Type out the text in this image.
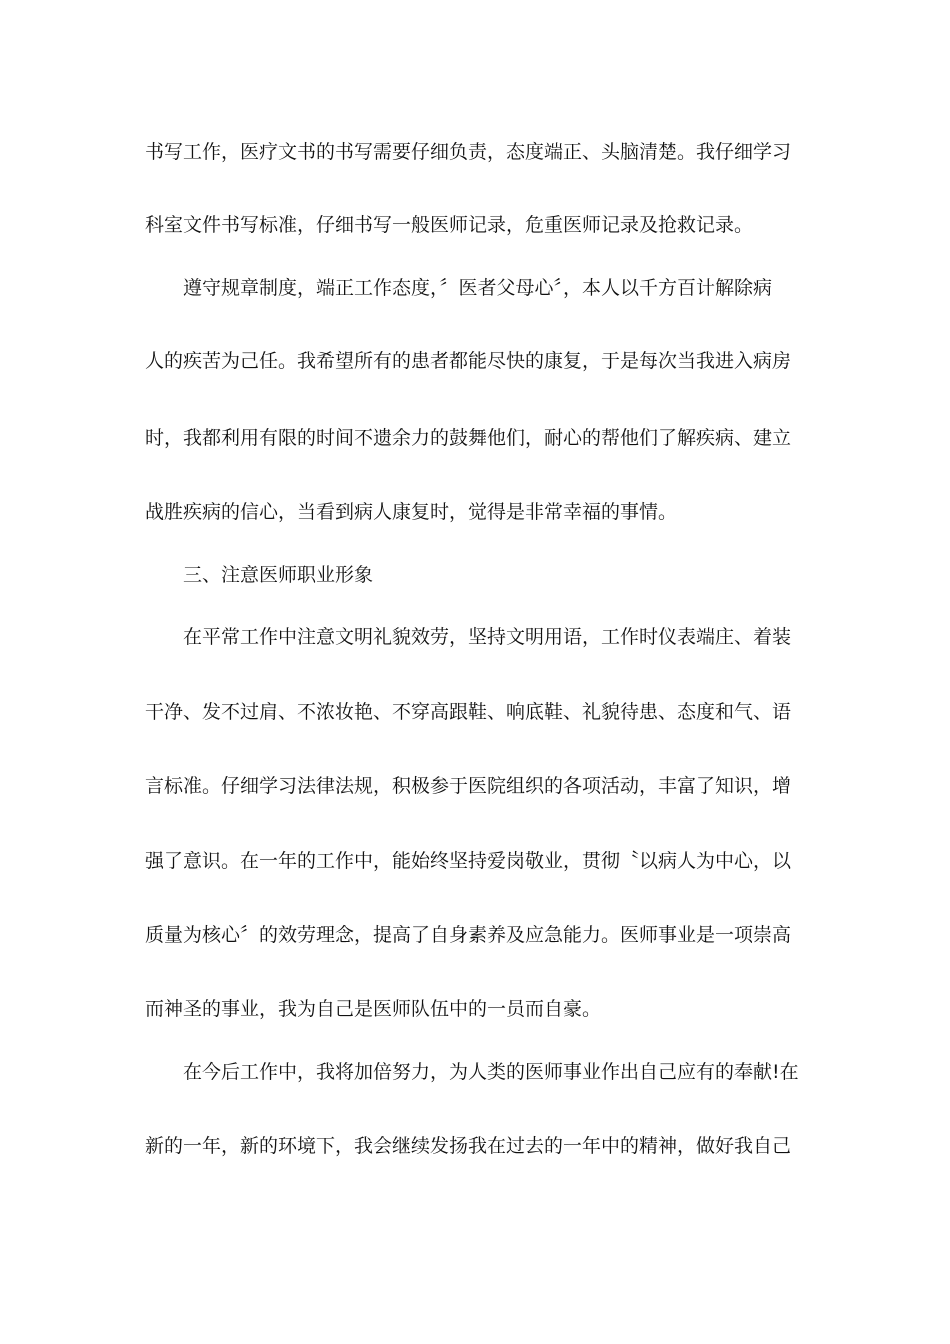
书写工作，医疗文书的书写需要仔细负责，态度端正、头脑清楚。我仔细学习
科室文件书写标准，仔细书写一般医师记录，危重医师记录及抢救记录。
遵守规章制度，端正工作态度，〞医者父母心〞，本人以千方百计解除病
人的疾苦为己任。我希望所有的患者都能尽快的康复，于是每次当我进入病房
时，我都利用有限的时间不遗余力的鼓舞他们，耐心的帮他们了解疾病、建立
战胜疾病的信心，当看到病人康复时，觉得是非常幸福的事情。
三、注意医师职业形象
在平常工作中注意文明礼貌效劳，坚持文明用语，工作时仪表端庄、着装
干净、发不过肩、不浓妆艳、不穿高跟鞋、响底鞋、礼貌待患、态度和气、语
言标准。仔细学习法律法规，积极参于医院组织的各项活动，丰富了知识，增
强了意识。在一年的工作中，能始终坚持爱岗敬业，贯彻〝以病人为中心，以
质量为核心〞的效劳理念，提高了自身素养及应急能力。医师事业是一项崇高
而神圣的事业，我为自己是医师队伍中的一员而自豪。
在今后工作中，我将加倍努力，为人类的医师事业作出自己应有的奉献!在
新的一年，新的环境下，我会继续发扬我在过去的一年中的精神，做好我自己
